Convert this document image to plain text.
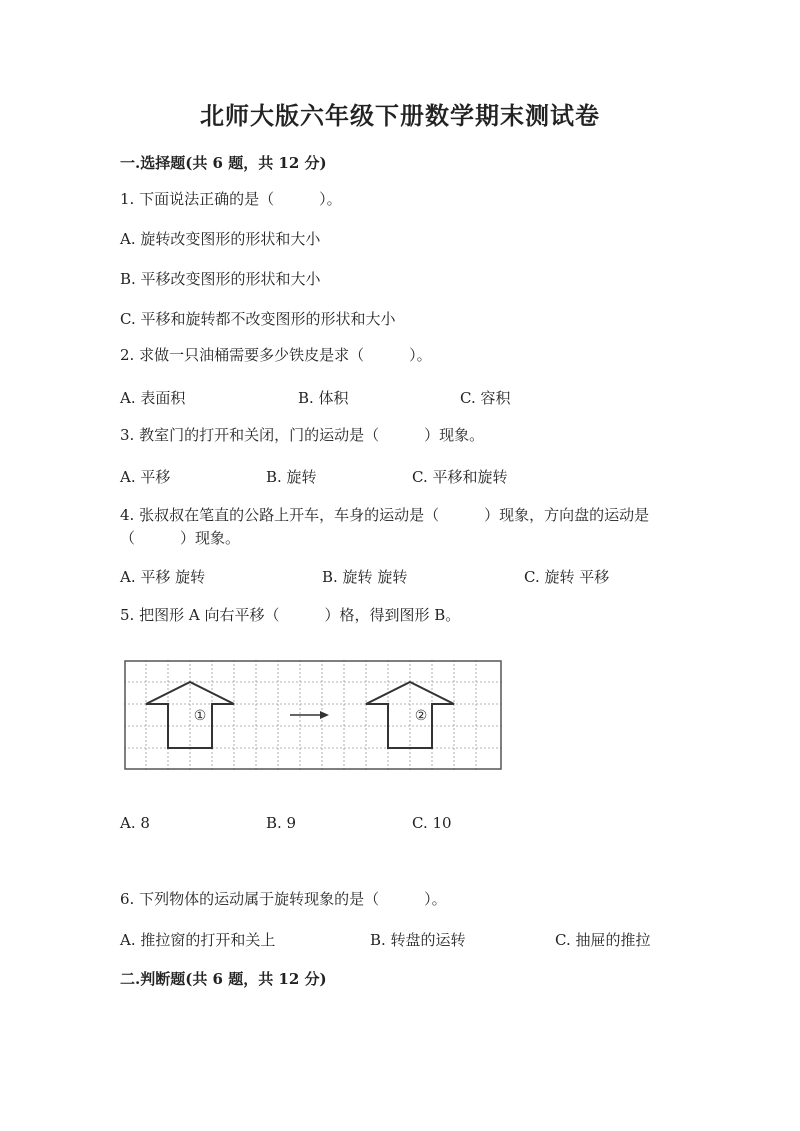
北师大版六年级下册数学期末测试卷
一.选择题(共 6 题，共 12 分)
1. 下面说法正确的是（　　　）。
A. 旋转改变图形的形状和大小
B. 平移改变图形的形状和大小
C. 平移和旋转都不改变图形的形状和大小
2. 求做一只油桶需要多少铁皮是求（　　　）。
A. 表面积	B. 体积	C. 容积
3. 教室门的打开和关闭，门的运动是（　　　）现象。
A. 平移	B. 旋转	C. 平移和旋转
4. 张叔叔在笔直的公路上开车，车身的运动是（　　　）现象，方向盘的运动是
（　　　）现象。
A. 平移 旋转	B. 旋转 旋转	C. 旋转 平移
5. 把图形 A 向右平移（　　　）格，得到图形 B。
①	②
A. 8	B. 9	C. 10
6. 下列物体的运动属于旋转现象的是（　　　）。
A. 推拉窗的打开和关上	B. 转盘的运转	C. 抽屉的推拉
二.判断题(共 6 题，共 12 分)
